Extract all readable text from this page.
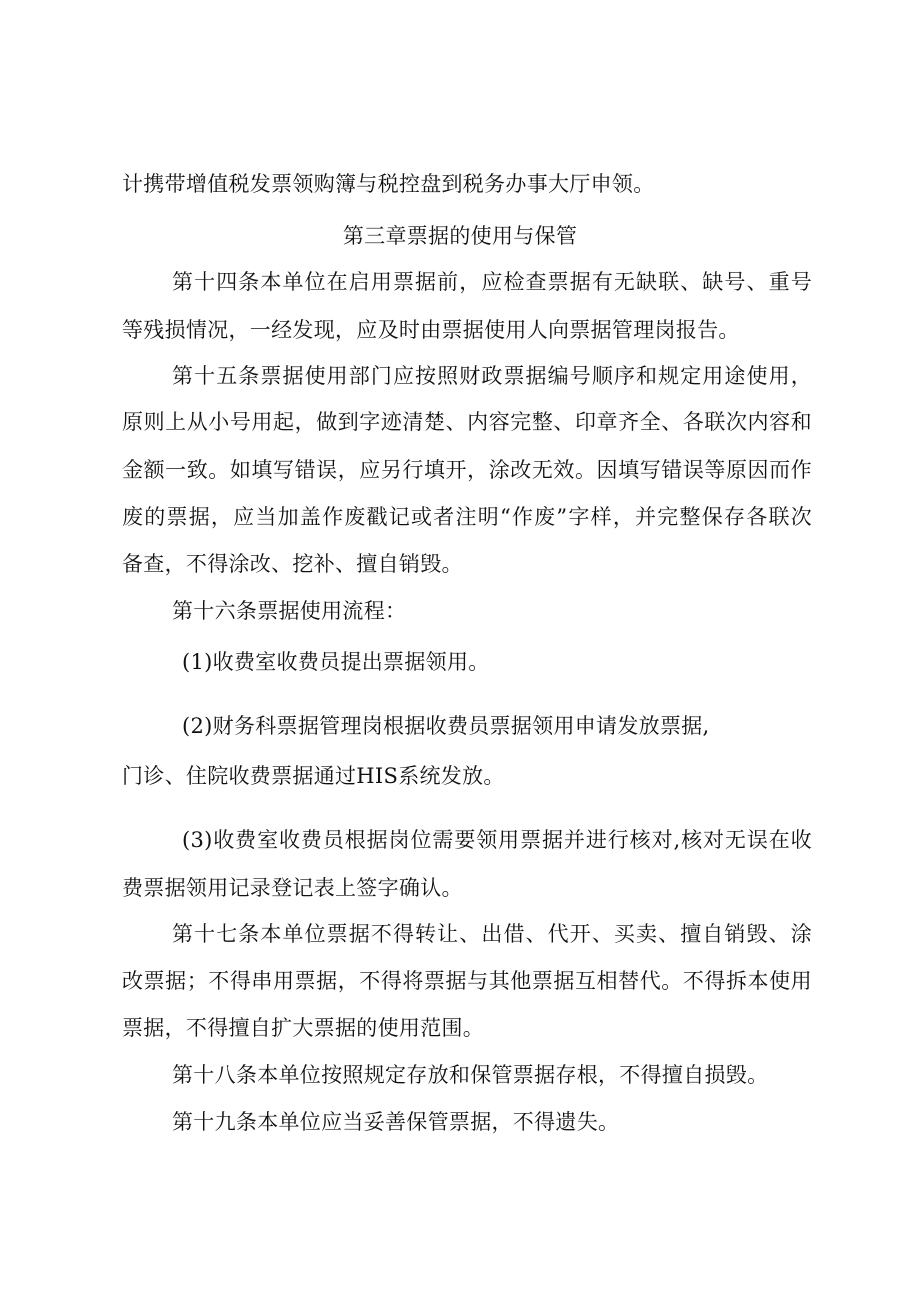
计携带增值税发票领购簿与税控盘到税务办事大厅申领。
第三章票据的使用与保管
第十四条本单位在启用票据前，应检查票据有无缺联、缺号、重号
等残损情况，一经发现，应及时由票据使用人向票据管理岗报告。
第十五条票据使用部门应按照财政票据编号顺序和规定用途使用，
原则上从小号用起，做到字迹清楚、内容完整、印章齐全、各联次内容和
金额一致。如填写错误，应另行填开，涂改无效。因填写错误等原因而作
废的票据，应当加盖作废戳记或者注明“作废”字样，并完整保存各联次
备查，不得涂改、挖补、擅自销毁。
第十六条票据使用流程：
(1)收费室收费员提出票据领用。
(2)财务科票据管理岗根据收费员票据领用申请发放票据,
门诊、住院收费票据通过HIS系统发放。
(3)收费室收费员根据岗位需要领用票据并进行核对,核对无误在收
费票据领用记录登记表上签字确认。
第十七条本单位票据不得转让、出借、代开、买卖、擅自销毁、涂
改票据；不得串用票据，不得将票据与其他票据互相替代。不得拆本使用
票据，不得擅自扩大票据的使用范围。
第十八条本单位按照规定存放和保管票据存根，不得擅自损毁。
第十九条本单位应当妥善保管票据，不得遗失。
